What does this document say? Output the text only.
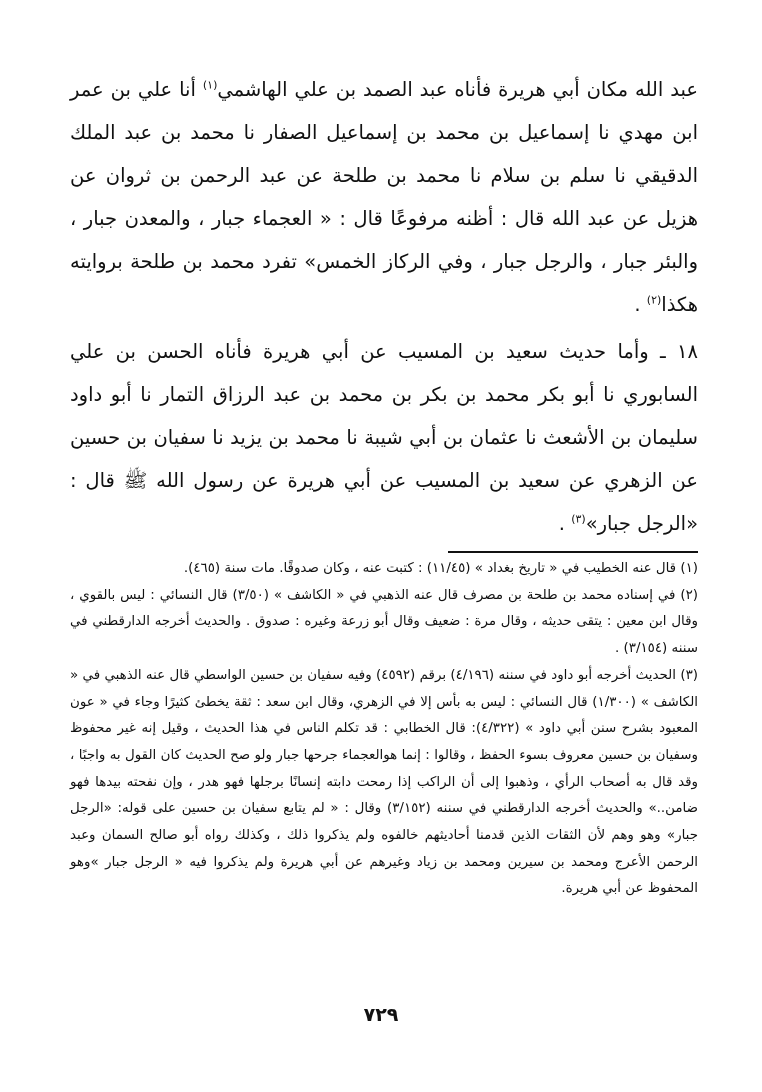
عبد الله مكان أبي هريرة فأناه عبد الصمد بن علي الهاشمي$^{(١)}$ أنا علي بن عمر ابن مهدي نا إسماعيل بن محمد بن إسماعيل الصفار نا محمد بن عبد الملك الدقيقي نا سلم بن سلام نا محمد بن طلحة عن عبد الرحمن بن ثروان عن هزيل عن عبد الله قال : أظنه مرفوعًا قال : « العجماء جبار ، والمعدن جبار ، والبئر جبار ، والرجل جبار ، وفي الركاز الخمس» تفرد محمد بن طلحة بروايته هكذا$^{(٢)}$ .

١٨ ـ وأما حديث سعيد بن المسيب عن أبي هريرة فأناه الحسن بن علي السابوري نا أبو بكر محمد بن بكر بن محمد بن عبد الرزاق التمار نا أبو داود سليمان بن الأشعث نا عثمان بن أبي شيبة نا محمد بن يزيد نا سفيان بن حسين عن الزهري عن سعيد بن المسيب عن أبي هريرة عن رسول الله ﷺ قال : «الرجل جبار»$^{(٣)}$ .

(١) قال عنه الخطيب في « تاريخ بغداد » (١١/٤٥) : كتبت عنه ، وكان صدوقًا. مات سنة (٤٦٥).

(٢) في إسناده محمد بن طلحة بن مصرف قال عنه الذهبي في « الكاشف » (٣/٥٠) قال النسائي : ليس بالقوي ، وقال ابن معين : يتقى حديثه ، وقال مرة : ضعيف وقال أبو زرعة وغيره : صدوق . والحديث أخرجه الدارقطني في سننه (٣/١٥٤) .

(٣) الحديث أخرجه أبو داود في سننه (٤/١٩٦) برقم (٤٥٩٢) وفيه سفيان بن حسين الواسطي قال عنه الذهبي في « الكاشف » (١/٣٠٠) قال النسائي : ليس به بأس إلا في الزهري، وقال ابن سعد : ثقة يخطئ كثيرًا وجاء في « عون المعبود بشرح سنن أبي داود » (٤/٣٢٢): قال الخطابي : قد تكلم الناس في هذا الحديث ، وقيل إنه غير محفوظ وسفيان بن حسين معروف بسوء الحفظ ، وقالوا : إنما هوالعجماء جرحها جبار ولو صح الحديث كان القول به واجبًا ، وقد قال به أصحاب الرأي ، وذهبوا إلى أن الراكب إذا رمحت دابته إنسانًا برجلها فهو هدر ، وإن نفحته بيدها فهو ضامن..» والحديث أخرجه الدارقطني في سننه (٣/١٥٢) وقال : « لم يتابع سفيان بن حسين على قوله: «الرجل جبار» وهو وهم لأن الثقات الذين قدمنا أحاديثهم خالفوه ولم يذكروا ذلك ، وكذلك رواه أبو صالح السمان وعبد الرحمن الأعرج ومحمد بن سيرين ومحمد بن زياد وغيرهم عن أبي هريرة ولم يذكروا فيه « الرجل جبار »وهو المحفوظ عن أبي هريرة.

٧٢٩
